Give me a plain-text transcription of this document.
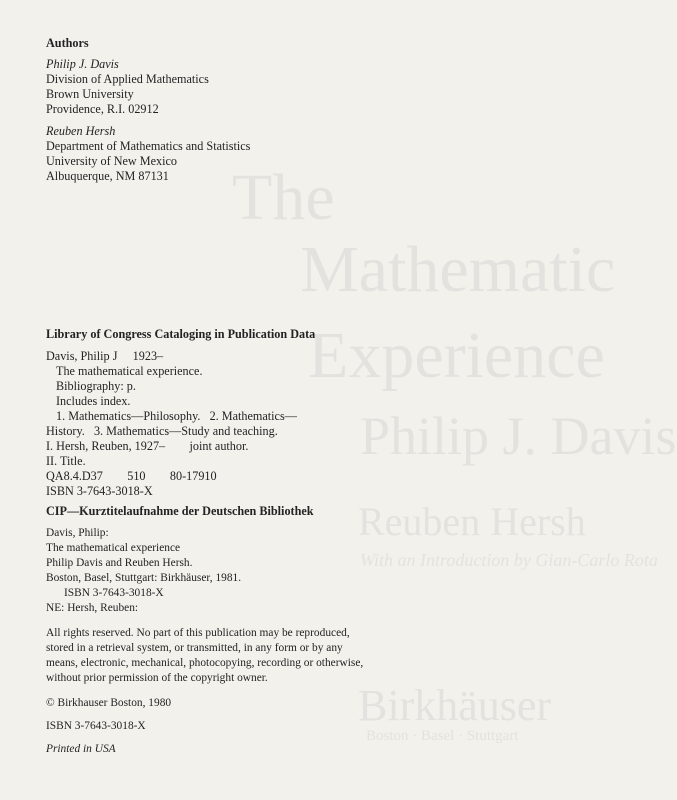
The
Mathematic
Experience
Philip J. Davis
Reuben Hersh
With an Introduction by Gian-Carlo Rota
Birkhäuser
Boston · Basel · Stuttgart
Authors
Philip J. Davis
Division of Applied Mathematics
Brown University
Providence, R.I. 02912
Reuben Hersh
Department of Mathematics and Statistics
University of New Mexico
Albuquerque, NM 87131
Library of Congress Cataloging in Publication Data
Davis, Philip J     1923–
The mathematical experience.
Bibliography: p.
Includes index.
1. Mathematics—Philosophy.   2. Mathematics—
History.   3. Mathematics—Study and teaching.
I. Hersh, Reuben, 1927–        joint author.
II. Title.
QA8.4.D37        510        80-17910
ISBN 3-7643-3018-X
CIP—Kurztitelaufnahme der Deutschen Bibliothek
Davis, Philip:
The mathematical experience
Philip Davis and Reuben Hersh.
Boston, Basel, Stuttgart: Birkhäuser, 1981.
ISBN 3-7643-3018-X
NE: Hersh, Reuben:
All rights reserved. No part of this publication may be reproduced,
stored in a retrieval system, or transmitted, in any form or by any
means, electronic, mechanical, photocopying, recording or otherwise,
without prior permission of the copyright owner.
© Birkhauser Boston, 1980
ISBN 3-7643-3018-X
Printed in USA
